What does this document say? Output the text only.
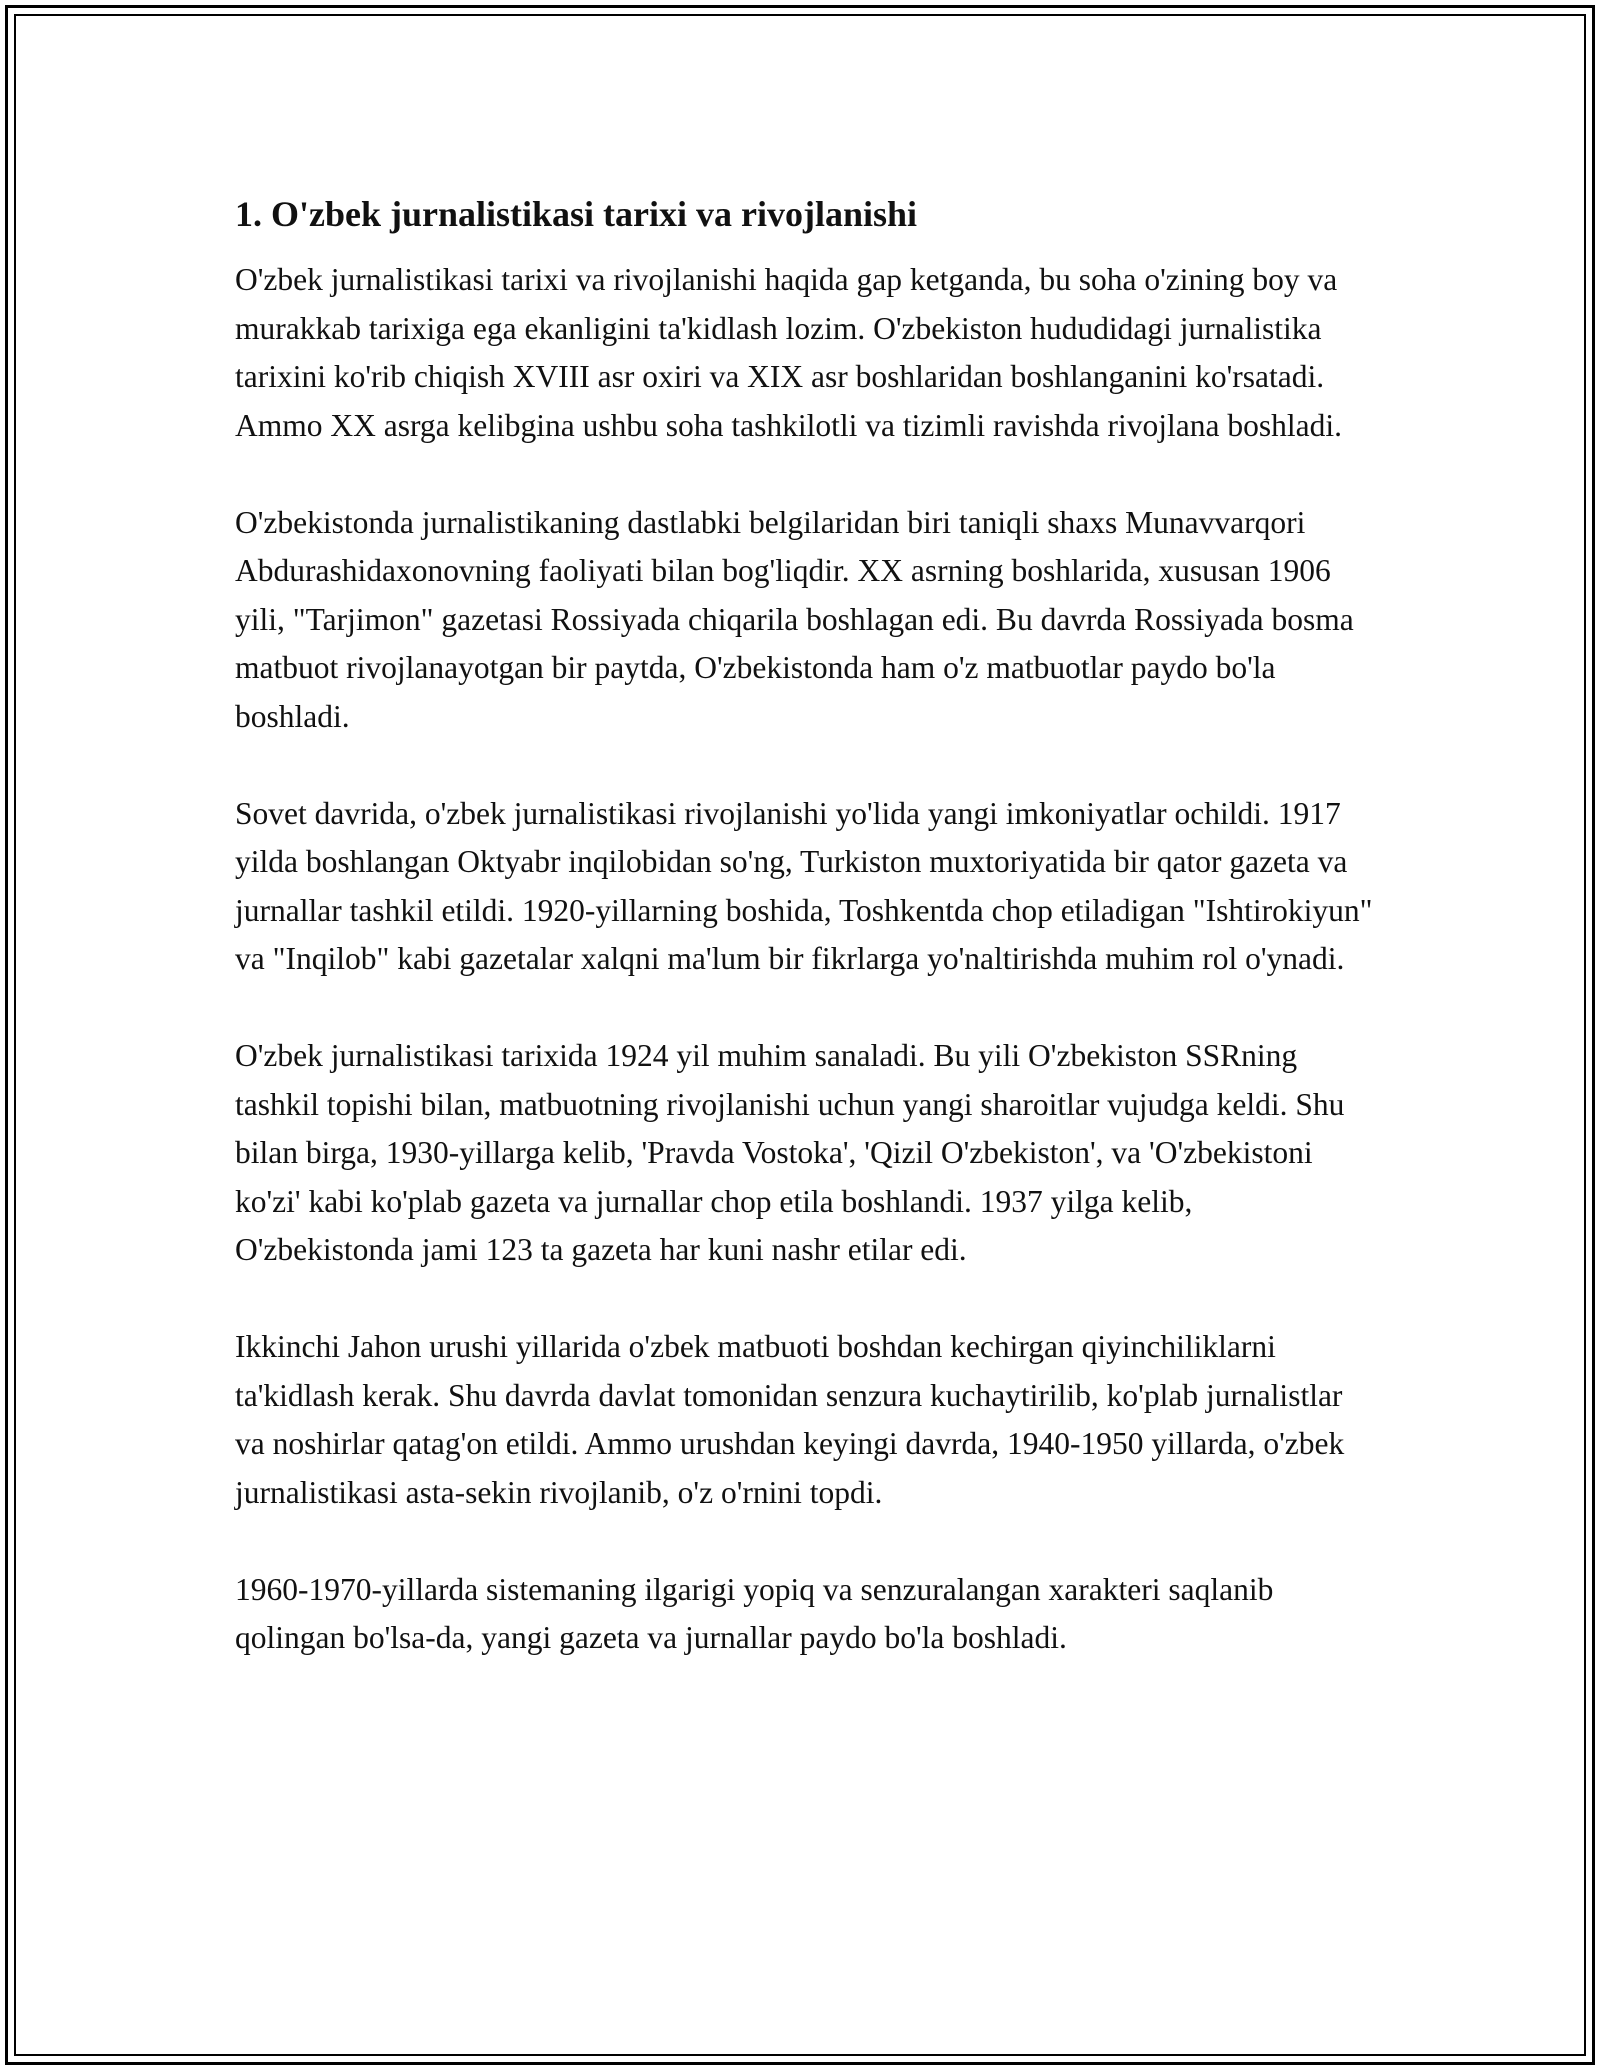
1. O'zbek jurnalistikasi tarixi va rivojlanishi

O'zbek jurnalistikasi tarixi va rivojlanishi haqida gap ketganda, bu soha o'zining boy va murakkab tarixiga ega ekanligini ta'kidlash lozim. O'zbekiston hududidagi jurnalistika tarixini ko'rib chiqish XVIII asr oxiri va XIX asr boshlaridan boshlanganini ko'rsatadi. Ammo XX asrga kelibgina ushbu soha tashkilotli va tizimli ravishda rivojlana boshladi.

O'zbekistonda jurnalistikaning dastlabki belgilaridan biri taniqli shaxs Munavvarqori Abdurashidaxonovning faoliyati bilan bog'liqdir. XX asrning boshlarida, xususan 1906 yili, "Tarjimon" gazetasi Rossiyada chiqarila boshlagan edi. Bu davrda Rossiyada bosma matbuot rivojlanayotgan bir paytda, O'zbekistonda ham o'z matbuotlar paydo bo'la boshladi.

Sovet davrida, o'zbek jurnalistikasi rivojlanishi yo'lida yangi imkoniyatlar ochildi. 1917 yilda boshlangan Oktyabr inqilobidan so'ng, Turkiston muxtoriyatida bir qator gazeta va jurnallar tashkil etildi. 1920-yillarning boshida, Toshkentda chop etiladigan "Ishtirokiyun" va "Inqilob" kabi gazetalar xalqni ma'lum bir fikrlarga yo'naltirishda muhim rol o'ynadi.

O'zbek jurnalistikasi tarixida 1924 yil muhim sanaladi. Bu yili O'zbekiston SSRning tashkil topishi bilan, matbuotning rivojlanishi uchun yangi sharoitlar vujudga keldi. Shu bilan birga, 1930-yillarga kelib, 'Pravda Vostoka', 'Qizil O'zbekiston', va 'O'zbekistoni ko'zi' kabi ko'plab gazeta va jurnallar chop etila boshlandi. 1937 yilga kelib, O'zbekistonda jami 123 ta gazeta har kuni nashr etilar edi.

Ikkinchi Jahon urushi yillarida o'zbek matbuoti boshdan kechirgan qiyinchiliklarni ta'kidlash kerak. Shu davrda davlat tomonidan senzura kuchaytirilib, ko'plab jurnalistlar va noshirlar qatag'on etildi. Ammo urushdan keyingi davrda, 1940-1950 yillarda, o'zbek jurnalistikasi asta-sekin rivojlanib, o'z o'rnini topdi.

1960-1970-yillarda sistemaning ilgarigi yopiq va senzuralangan xarakteri saqlanib qolingan bo'lsa-da, yangi gazeta va jurnallar paydo bo'la boshladi.
